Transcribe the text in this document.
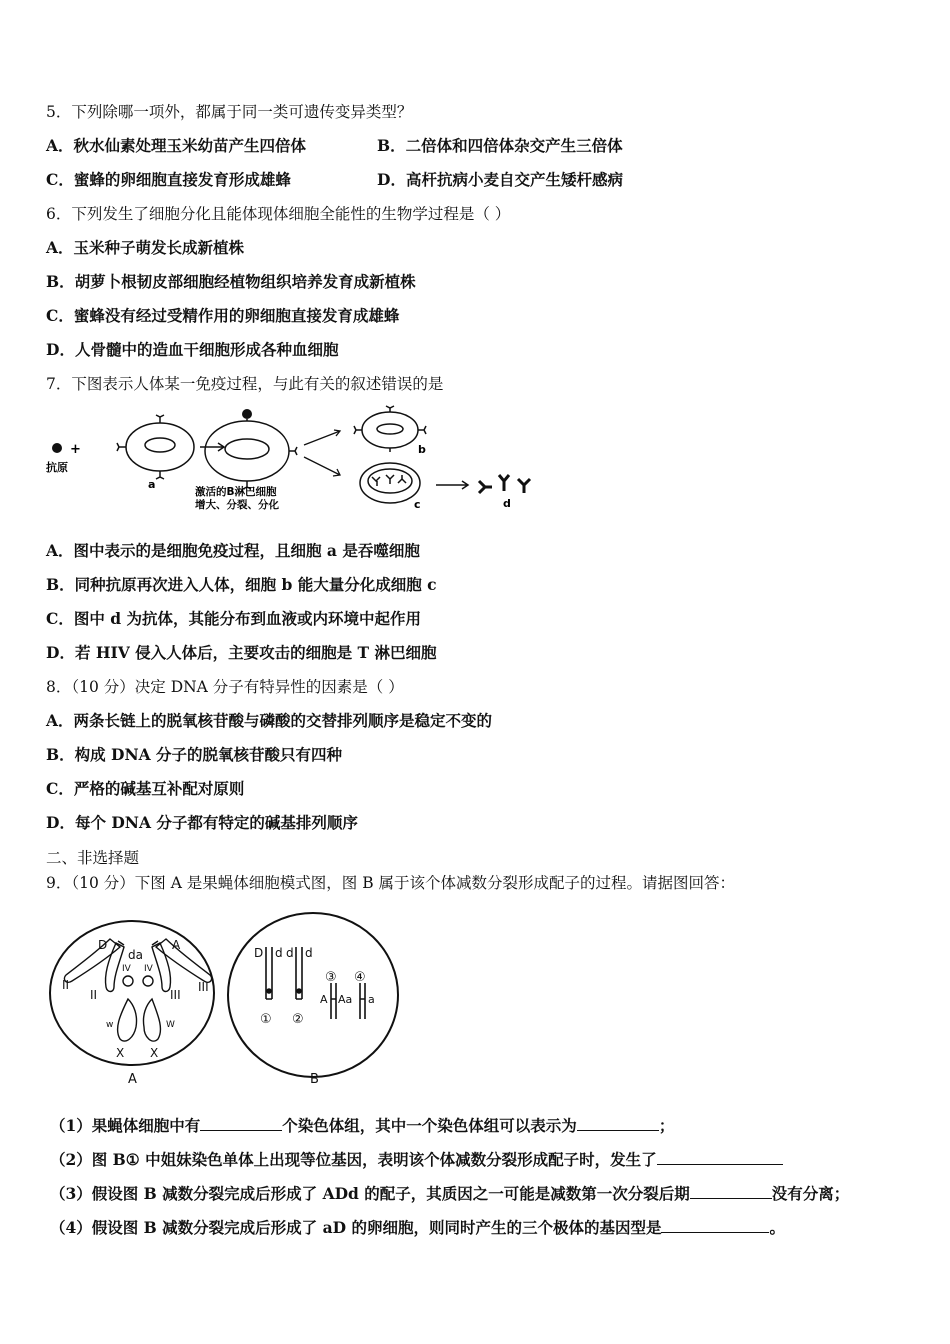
5．下列除哪一项外，都属于同一类可遗传变异类型？
A．秋水仙素处理玉米幼苗产生四倍体	B．二倍体和四倍体杂交产生三倍体
C．蜜蜂的卵细胞直接发育形成雄蜂	D．高杆抗病小麦自交产生矮杆感病
6．下列发生了细胞分化且能体现体细胞全能性的生物学过程是（ ）
A．玉米种子萌发长成新植株
B．胡萝卜根韧皮部细胞经植物组织培养发育成新植株
C．蜜蜂没有经过受精作用的卵细胞直接发育成雄蜂
D．人骨髓中的造血干细胞形成各种血细胞
7．下图表示人体某一免疫过程，与此有关的叙述错误的是
抗原
+
a
激活的B淋巴细胞
增大、分裂、分化
b
c	d
A．图中表示的是细胞免疫过程，且细胞 a 是吞噬细胞
B．同种抗原再次进入人体，细胞 b 能大量分化成细胞 c
C．图中 d 为抗体，其能分布到血液或内环境中起作用
D．若 HIV 侵入人体后，主要攻击的细胞是 T 淋巴细胞
8．（10 分）决定 DNA 分子有特异性的因素是（ ）
A．两条长链上的脱氧核苷酸与磷酸的交替排列顺序是稳定不变的
B．构成 DNA 分子的脱氧核苷酸只有四种
C．严格的碱基互补配对原则
D．每个 DNA 分子都有特定的碱基排列顺序
二、非选择题
9．（10 分）下图 A 是果蝇体细胞模式图，图 B 属于该个体减数分裂形成配子的过程。请据图回答：
D
da
A
II
II	III
III
IV IV
w	W
X X
A
D d d d
① ②
③ ④
A Aa a
B
（1）果蝇体细胞中有	个染色体组，其中一个染色体组可以表示为	；
（2）图 B① 中姐妹染色单体上出现等位基因，表明该个体减数分裂形成配子时，发生了
（3）假设图 B 减数分裂完成后形成了 ADd 的配子，其质因之一可能是减数第一次分裂后期	没有分离；
（4）假设图 B 减数分裂完成后形成了 aD 的卵细胞，则同时产生的三个极体的基因型是	。
